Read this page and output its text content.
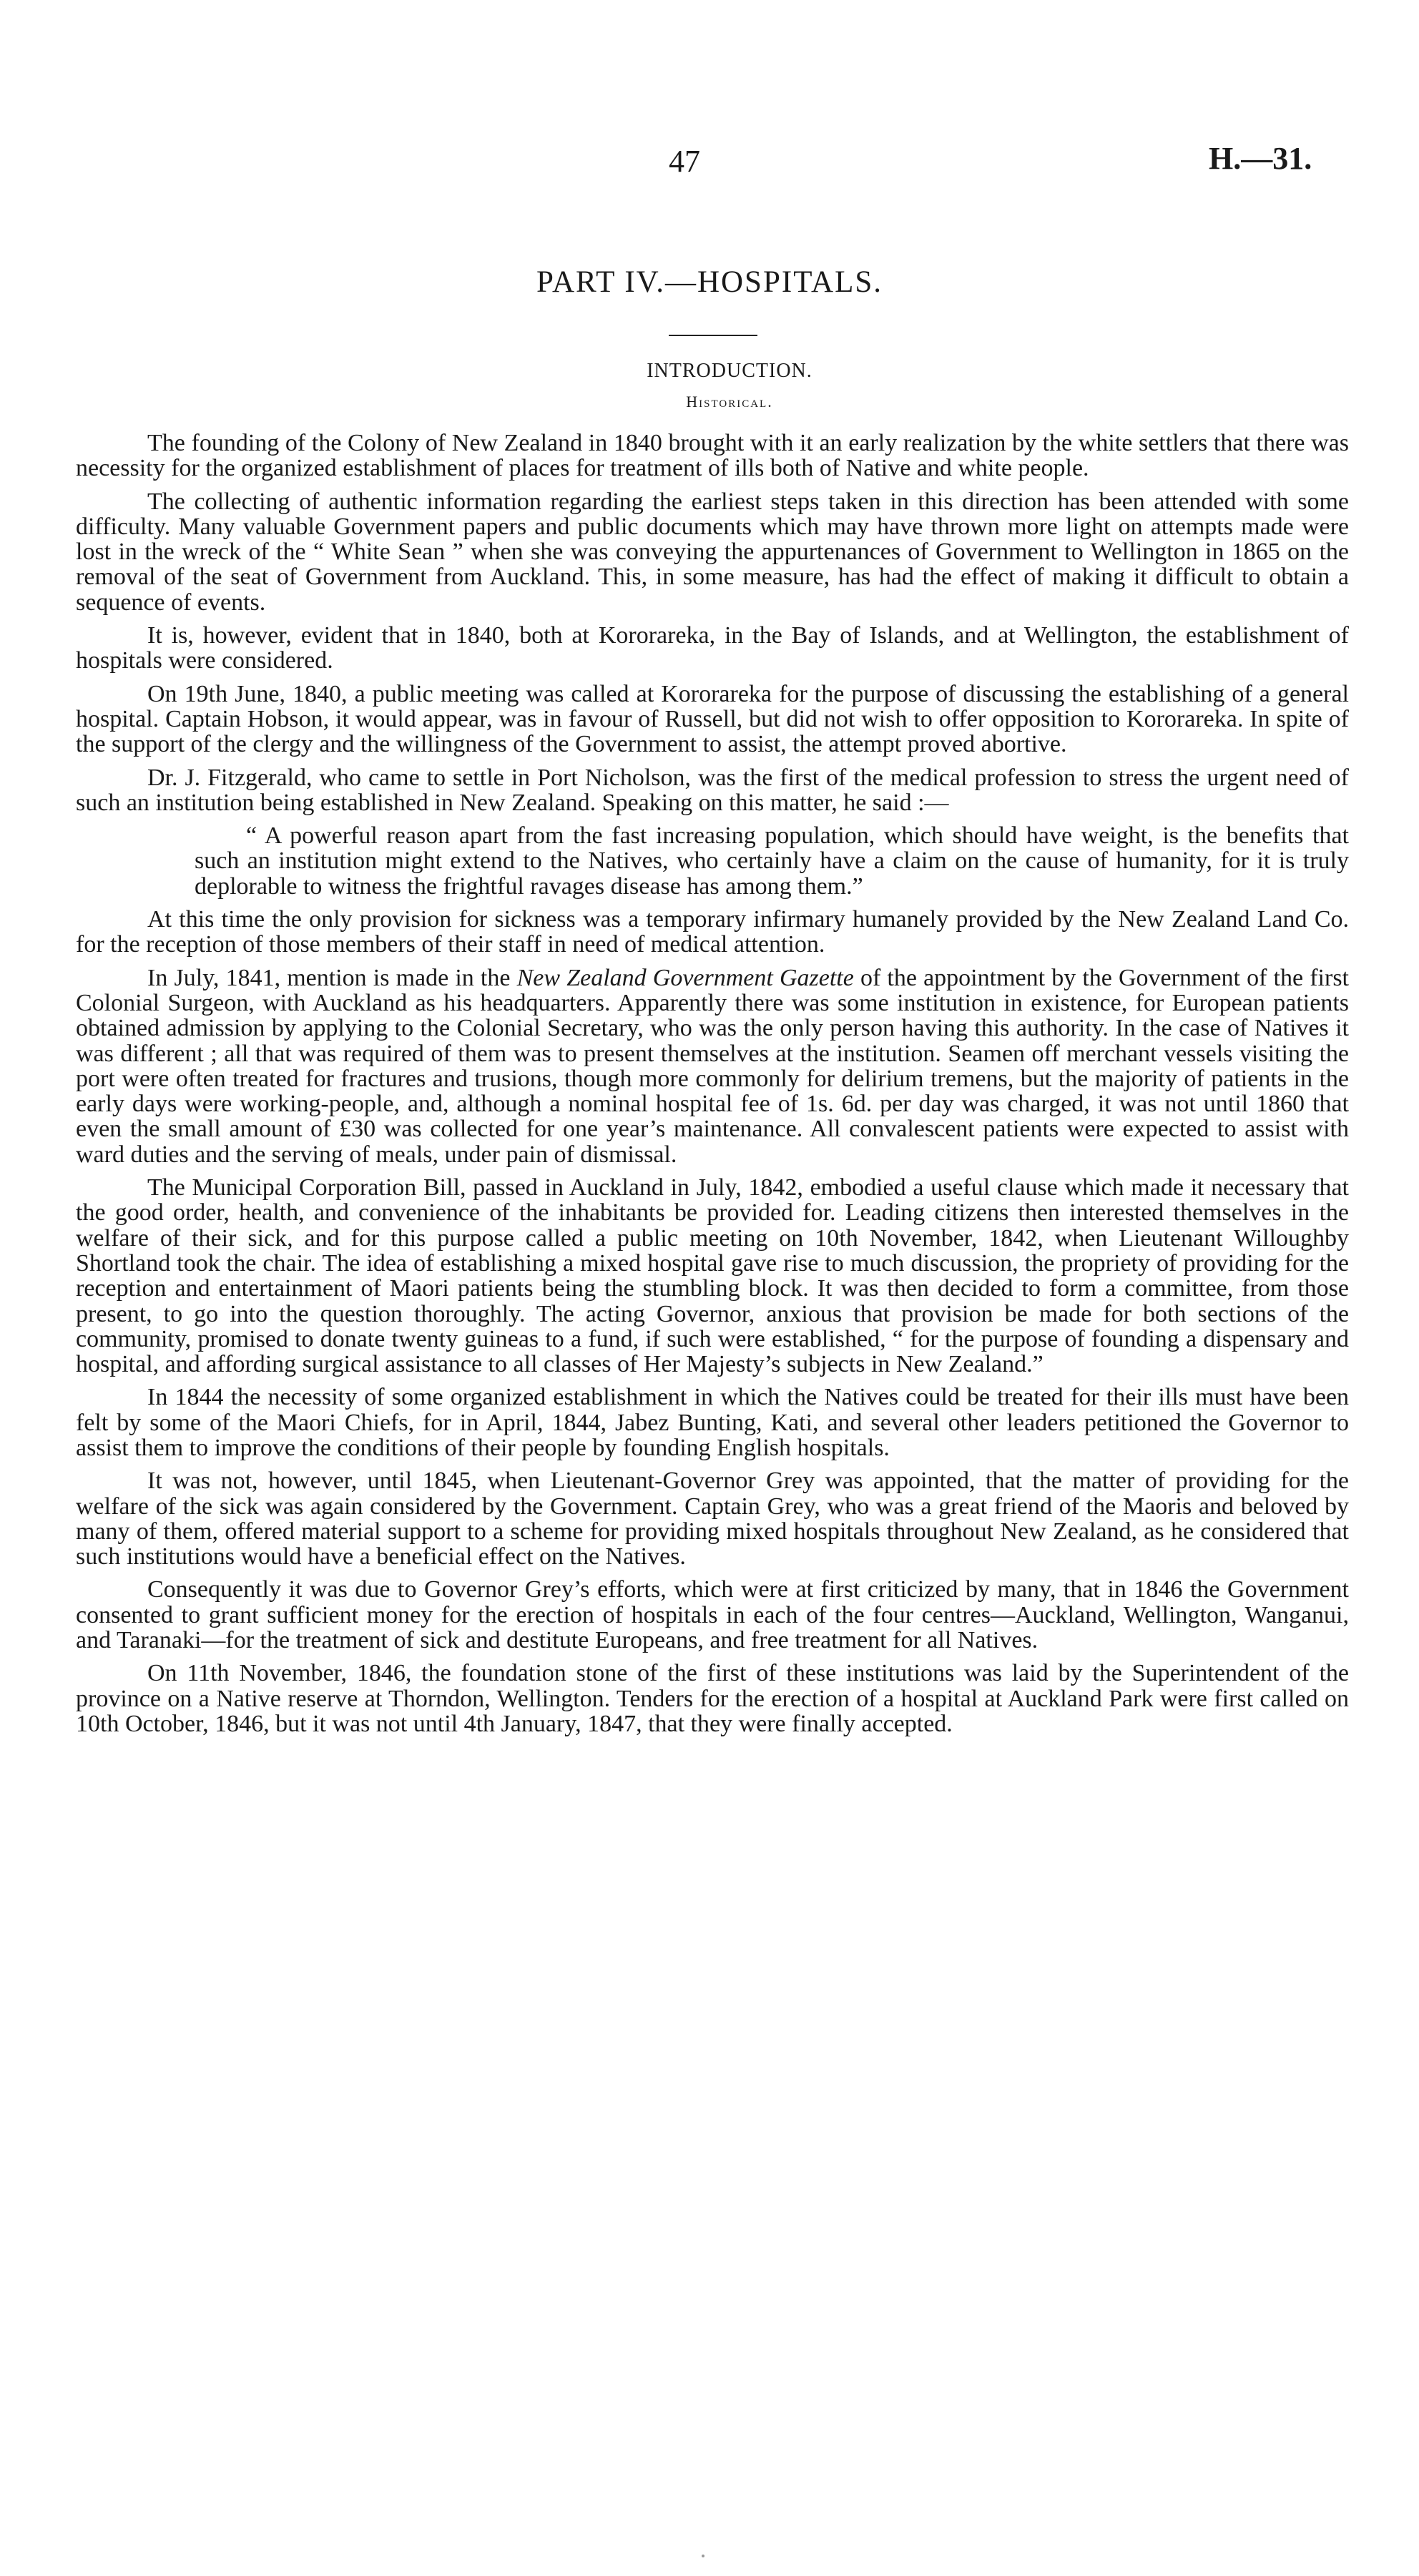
47	H.—31.
PART IV.—HOSPITALS.
INTRODUCTION.
Historical.

The founding of the Colony of New Zealand in 1840 brought with it an early realization by the white settlers that there was necessity for the organized establishment of places for treatment of ills both of Native and white people.

The collecting of authentic information regarding the earliest steps taken in this direction has been attended with some difficulty. Many valuable Government papers and public documents which may have thrown more light on attempts made were lost in the wreck of the “ White Sean ” when she was conveying the appurtenances of Government to Wellington in 1865 on the removal of the seat of Government from Auckland. This, in some measure, has had the effect of making it difficult to obtain a sequence of events.

It is, however, evident that in 1840, both at Kororareka, in the Bay of Islands, and at Wellington, the establishment of hospitals were considered.

On 19th June, 1840, a public meeting was called at Kororareka for the purpose of discussing the establishing of a general hospital. Captain Hobson, it would appear, was in favour of Russell, but did not wish to offer opposition to Kororareka. In spite of the support of the clergy and the willingness of the Government to assist, the attempt proved abortive.

Dr. J. Fitzgerald, who came to settle in Port Nicholson, was the first of the medical profession to stress the urgent need of such an institution being established in New Zealand. Speaking on this matter, he said :—

“ A powerful reason apart from the fast increasing population, which should have weight, is the benefits that such an institution might extend to the Natives, who certainly have a claim on the cause of humanity, for it is truly deplorable to witness the frightful ravages disease has among them.”

At this time the only provision for sickness was a temporary infirmary humanely provided by the New Zealand Land Co. for the reception of those members of their staff in need of medical attention.

In July, 1841, mention is made in the New Zealand Government Gazette of the appointment by the Government of the first Colonial Surgeon, with Auckland as his headquarters. Apparently there was some institution in existence, for European patients obtained admission by applying to the Colonial Secretary, who was the only person having this authority. In the case of Natives it was different ; all that was required of them was to present themselves at the institution. Seamen off merchant vessels visiting the port were often treated for fractures and trusions, though more commonly for delirium tremens, but the majority of patients in the early days were working-people, and, although a nominal hospital fee of 1s. 6d. per day was charged, it was not until 1860 that even the small amount of £30 was collected for one year’s maintenance. All convalescent patients were expected to assist with ward duties and the serving of meals, under pain of dismissal.

The Municipal Corporation Bill, passed in Auckland in July, 1842, embodied a useful clause which made it necessary that the good order, health, and convenience of the inhabitants be provided for. Leading citizens then interested themselves in the welfare of their sick, and for this purpose called a public meeting on 10th November, 1842, when Lieutenant Willoughby Shortland took the chair. The idea of establishing a mixed hospital gave rise to much discussion, the propriety of providing for the reception and entertainment of Maori patients being the stumbling block. It was then decided to form a committee, from those present, to go into the question thoroughly. The acting Governor, anxious that provision be made for both sections of the community, promised to donate twenty guineas to a fund, if such were established, “ for the purpose of founding a dispensary and hospital, and affording surgical assistance to all classes of Her Majesty’s subjects in New Zealand.”

In 1844 the necessity of some organized establishment in which the Natives could be treated for their ills must have been felt by some of the Maori Chiefs, for in April, 1844, Jabez Bunting, Kati, and several other leaders petitioned the Governor to assist them to improve the conditions of their people by founding English hospitals.

It was not, however, until 1845, when Lieutenant-Governor Grey was appointed, that the matter of providing for the welfare of the sick was again considered by the Government. Captain Grey, who was a great friend of the Maoris and beloved by many of them, offered material support to a scheme for providing mixed hospitals throughout New Zealand, as he considered that such institutions would have a beneficial effect on the Natives.

Consequently it was due to Governor Grey’s efforts, which were at first criticized by many, that in 1846 the Government consented to grant sufficient money for the erection of hospitals in each of the four centres—Auckland, Wellington, Wanganui, and Taranaki—for the treatment of sick and destitute Europeans, and free treatment for all Natives.

On 11th November, 1846, the foundation stone of the first of these institutions was laid by the Superintendent of the province on a Native reserve at Thorndon, Wellington. Tenders for the erection of a hospital at Auckland Park were first called on 10th October, 1846, but it was not until 4th January, 1847, that they were finally accepted.
